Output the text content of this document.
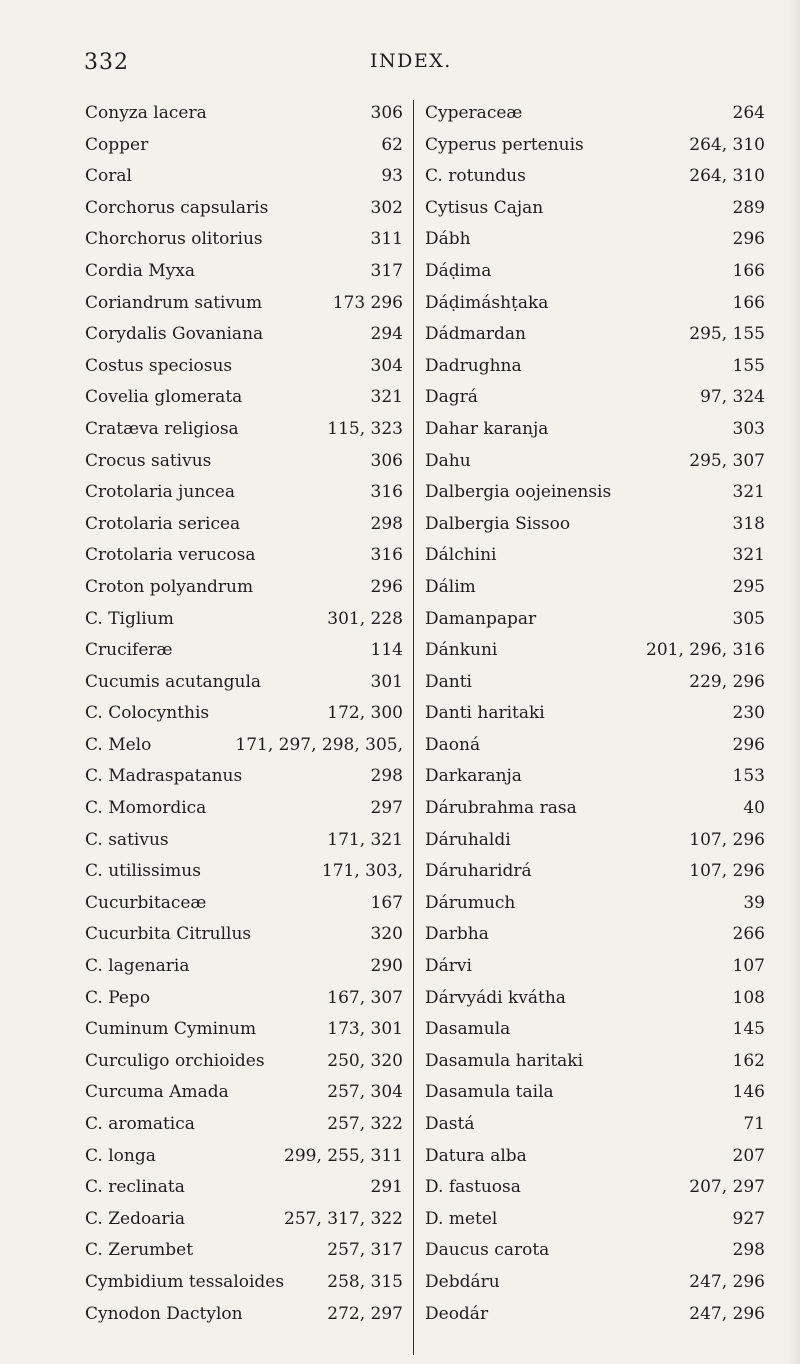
332	INDEX.
Conyza lacera	306
Copper	62
Coral	93
Corchorus capsularis	302
Chorchorus olitorius	311
Cordia Myxa	317
Coriandrum sativum	173 296
Corydalis Govaniana	294
Costus speciosus	304
Covelia glomerata	321
Cratæva religiosa	115, 323
Crocus sativus	306
Crotolaria juncea	316
Crotolaria sericea	298
Crotolaria verucosa	316
Croton polyandrum	296
C. Tiglium	301, 228
Cruciferæ	114
Cucumis acutangula	301
C. Colocynthis	172, 300
C. Melo	171, 297, 298, 305,
C. Madraspatanus	298
C. Momordica	297
C. sativus	171, 321
C. utilissimus	171, 303,
Cucurbitaceæ	167
Cucurbita Citrullus	320
C. lagenaria	290
C. Pepo	167, 307
Cuminum Cyminum	173, 301
Curculigo orchioides	250, 320
Curcuma Amada	257, 304
C. aromatica	257, 322
C. longa	299, 255, 311
C. reclinata	291
C. Zedoaria	257, 317, 322
C. Zerumbet	257, 317
Cymbidium tessaloides	258, 315
Cynodon Dactylon	272, 297
Cyperaceæ	264
Cyperus pertenuis	264, 310
C. rotundus	264, 310
Cytisus Cajan	289
Dábh	296
Dáḍima	166
Dáḍimáshṭaka	166
Dádmardan	295, 155
Dadrughna	155
Dagrá	97, 324
Dahar karanja	303
Dahu	295, 307
Dalbergia oojeinensis	321
Dalbergia Sissoo	318
Dálchini	321
Dálim	295
Damanpapar	305
Dánkuni	201, 296, 316
Danti	229, 296
Danti haritaki	230
Daoná	296
Darkaranja	153
Dárubrahma rasa	40
Dáruhaldi	107, 296
Dáruharidrá	107, 296
Dárumuch	39
Darbha	266
Dárvi	107
Dárvyádi kvátha	108
Dasamula	145
Dasamula haritaki	162
Dasamula taila	146
Dastá	71
Datura alba	207
D. fastuosa	207, 297
D. metel	927
Daucus carota	298
Debdáru	247, 296
Deodár	247, 296
